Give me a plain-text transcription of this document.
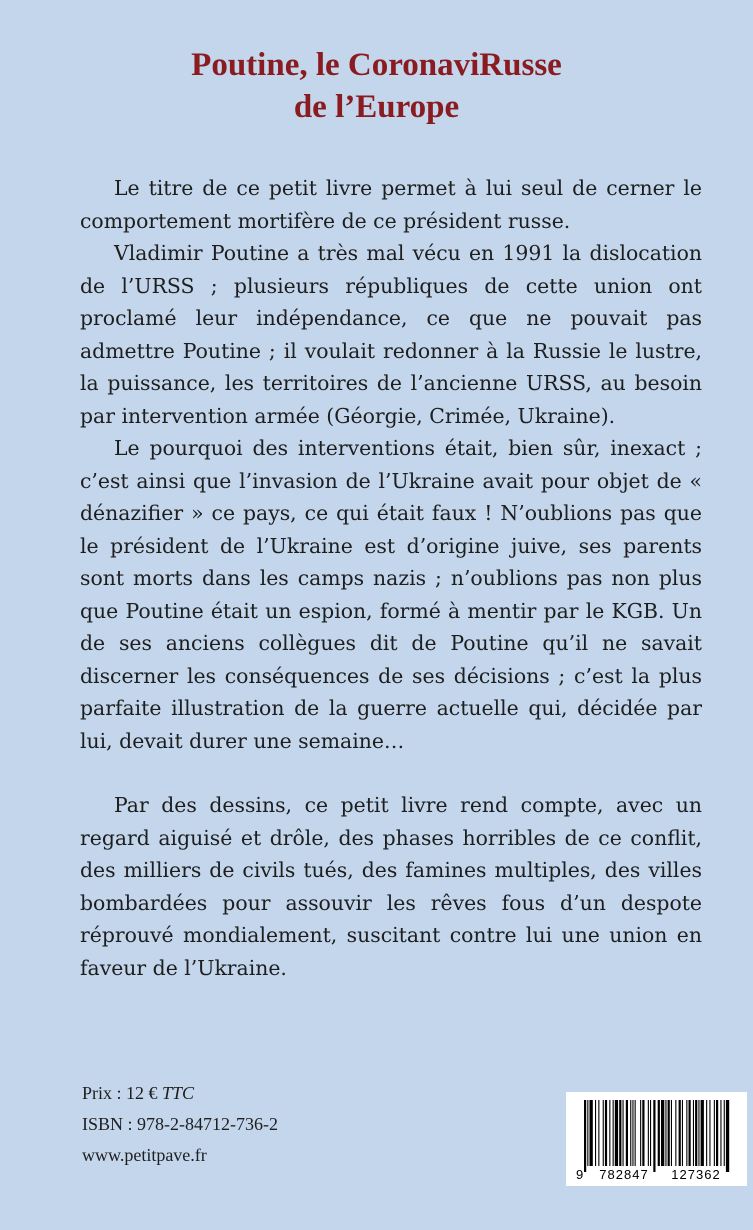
Poutine, le CoronaviRusse
de l’Europe

Le titre de ce petit livre permet à lui seul de cerner le comportement mortifère de ce président russe.

Vladimir Poutine a très mal vécu en 1991 la dislocation de l’URSS ; plusieurs républiques de cette union ont proclamé leur indépendance, ce que ne pouvait pas admettre Poutine ; il voulait redonner à la Russie le lustre, la puissance, les territoires de l’ancienne URSS, au besoin par intervention armée (Géorgie, Crimée, Ukraine).

Le pourquoi des interventions était, bien sûr, inexact ; c’est ainsi que l’invasion de l’Ukraine avait pour objet de « dénazifier » ce pays, ce qui était faux ! N’oublions pas que le président de l’Ukraine est d’origine juive, ses parents sont morts dans les camps nazis ; n’oublions pas non plus que Poutine était un espion, formé à mentir par le KGB. Un de ses anciens collègues dit de Poutine qu’il ne savait discerner les conséquences de ses décisions ; c’est la plus parfaite illustration de la guerre actuelle qui, décidée par lui, devait durer une semaine…

Par des dessins, ce petit livre rend compte, avec un regard aiguisé et drôle, des phases horribles de ce conflit, des milliers de civils tués, des famines multiples, des villes bombardées pour assouvir les rêves fous d’un despote réprouvé mondialement, suscitant contre lui une union en faveur de l’Ukraine.

Prix : 12 € TTC
ISBN : 978-2-84712-736-2
www.petitpave.fr
9 782847 127362
